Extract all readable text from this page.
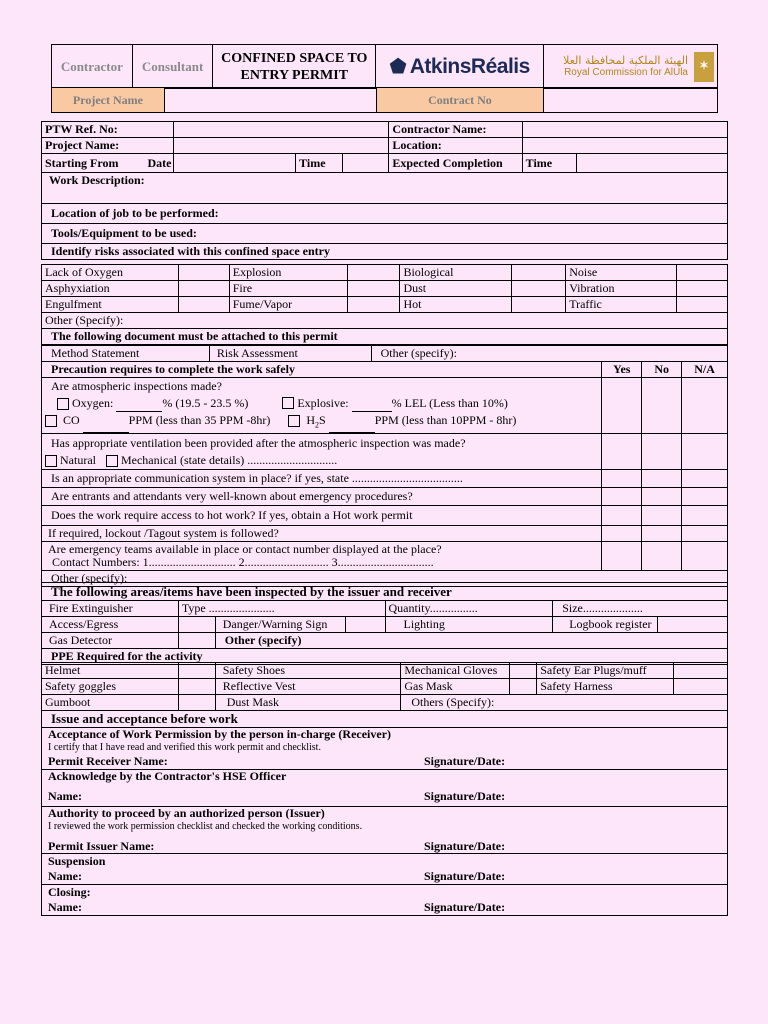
Contractor	Consultant	CONFINED SPACE TO ENTRY PERMIT	⬟ AtkinsRéalis	الهيئة الملكية لمحافظة العلا
Royal Commission for AlUla ✶
Project Name		Contract No	
PTW Ref. No:				Contractor Name:		
Project Name:				Location:		
Starting From Date		Time		Expected Completion	Time	
Work Description:						
Location of job to be performed:						
Tools/Equipment to be used:						
Identify risks associated with this confined space entry						
Lack of Oxygen		Explosion		Biological		Noise	
Asphyxiation		Fire		Dust		Vibration	
Engulfment		Fume/Vapor		Hot		Traffic	
Other (Specify):							
The following document must be attached to this permit							
Method Statement	Risk Assessment	Other (specify):
Precaution requires to complete the work safely	Yes	No	N/A

Are atmospheric inspections made?
Oxygen: % (19.5 - 23.5 %) Explosive: % LEL (Less than 10%)
CO PPM (less than 35 PPM -8hr) $H_2S$ PPM (less than 10PPM - 8hr)			

Has appropriate ventilation been provided after the atmospheric inspection was made?
Natural Mechanical (state details) ..............................			

Is an appropriate communication system in place? if yes, state .....................................			
Are entrants and attendants very well-known about emergency procedures?			
Does the work require access to hot work? If yes, obtain a Hot work permit			
If required, lockout /Tagout system is followed?			

Are emergency teams available in place or contact number displayed at the place?
Contact Numbers: 1............................. 2............................ 3................................			

Other (specify):			
The following areas/items have been inspected by the issuer and receiver						
Fire Extinguisher	Type ......................			Quantity................	Size....................	
Access/Egress		Danger/Warning Sign		Lighting	Logbook register	
Gas Detector		Other (specify)				
PPE Required for the activity						
Helmet		Safety Shoes	Mechanical Gloves		Safety Ear Plugs/muff	
Safety goggles		Reflective Vest	Gas Mask		Safety Harness	
Gumboot		Dust Mask	Others (Specify):			
Issue and acceptance before work

Acceptance of Work Permission by the person in-charge (Receiver)
I certify that I have read and verified this work permit and checklist.
Permit Receiver Name:	Signature/Date:

Acknowledge by the Contractor's HSE Officer
Name:	Signature/Date:

Authority to proceed by an authorized person (Issuer)
I reviewed the work permission checklist and checked the working conditions.
Permit Issuer Name:	Signature/Date:

Suspension
Name:	Signature/Date:

Closing:
Name:	Signature/Date:
